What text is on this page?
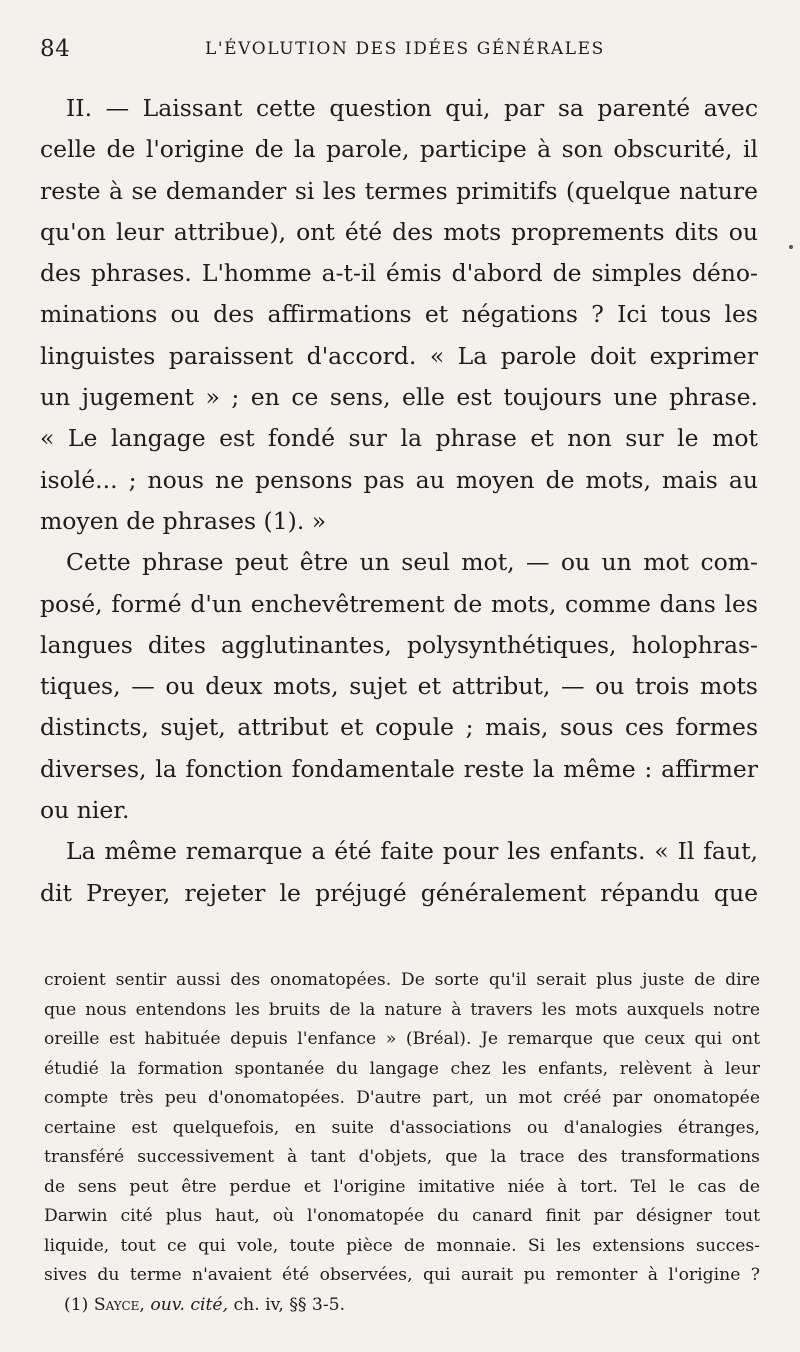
84	L'ÉVOLUTION DES IDÉES GÉNÉRALES
II. — Laissant cette question qui, par sa parenté avec
celle de l'origine de la parole, participe à son obscurité, il
reste à se demander si les termes primitifs (quelque nature
qu'on leur attribue), ont été des mots proprements dits ou
des phrases. L'homme a-t-il émis d'abord de simples déno-
minations ou des affirmations et négations ? Ici tous les
linguistes paraissent d'accord. « La parole doit exprimer
un jugement » ; en ce sens, elle est toujours une phrase.
« Le langage est fondé sur la phrase et non sur le mot
isolé... ; nous ne pensons pas au moyen de mots, mais au
moyen de phrases (1). »
Cette phrase peut être un seul mot, — ou un mot com-
posé, formé d'un enchevêtrement de mots, comme dans les
langues dites agglutinantes, polysynthétiques, holophras-
tiques, — ou deux mots, sujet et attribut, — ou trois mots
distincts, sujet, attribut et copule ; mais, sous ces formes
diverses, la fonction fondamentale reste la même : affirmer
ou nier.
La même remarque a été faite pour les enfants. « Il faut,
dit Preyer, rejeter le préjugé généralement répandu que
croient sentir aussi des onomatopées. De sorte qu'il serait plus juste de dire
que nous entendons les bruits de la nature à travers les mots auxquels notre
oreille est habituée depuis l'enfance » (Bréal). Je remarque que ceux qui ont
étudié la formation spontanée du langage chez les enfants, relèvent à leur
compte très peu d'onomatopées. D'autre part, un mot créé par onomatopée
certaine est quelquefois, en suite d'associations ou d'analogies étranges,
transféré successivement à tant d'objets, que la trace des transformations
de sens peut être perdue et l'origine imitative niée à tort. Tel le cas de
Darwin cité plus haut, où l'onomatopée du canard finit par désigner tout
liquide, tout ce qui vole, toute pièce de monnaie. Si les extensions succes-
sives du terme n'avaient été observées, qui aurait pu remonter à l'origine ?
(1) Sayce, ouv. cité, ch. iv, §§ 3-5.
